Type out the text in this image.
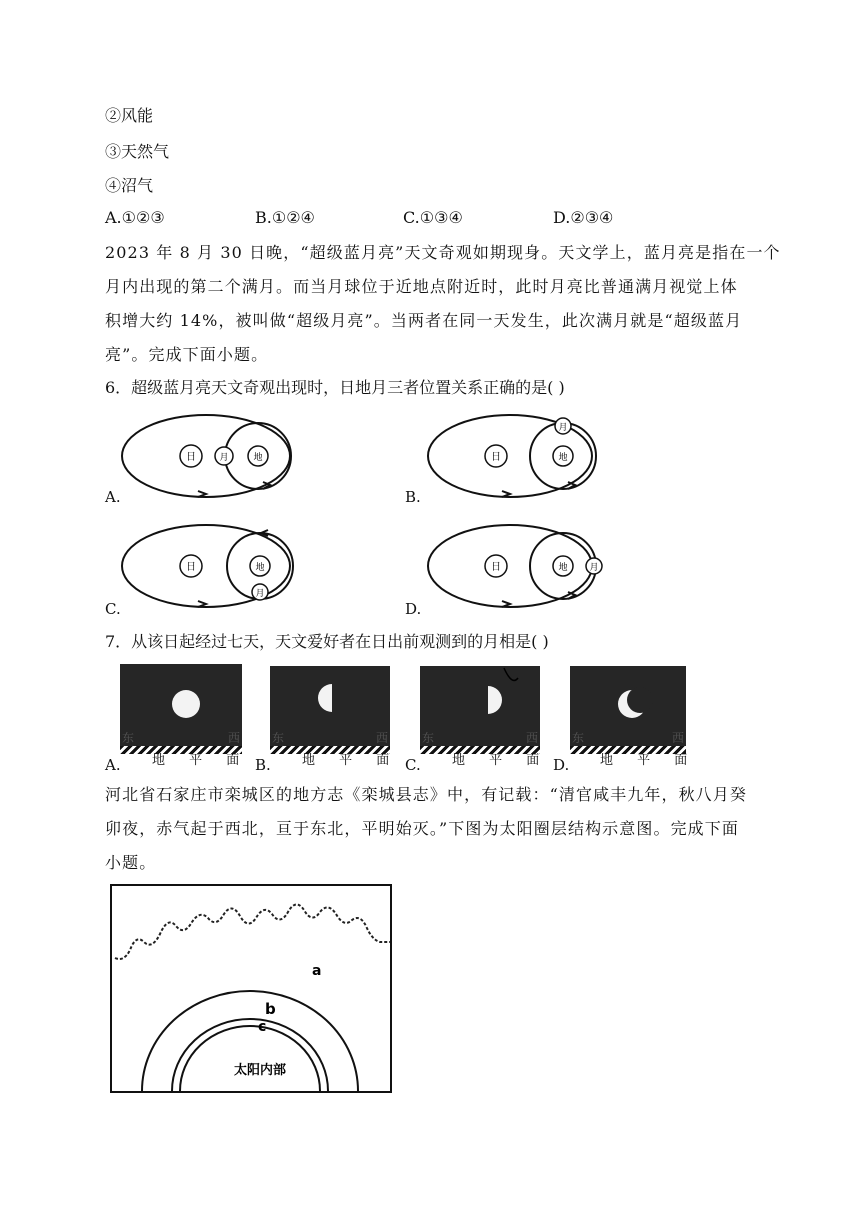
②风能
③天然气
④沼气
A.①②③	B.①②④	C.①③④	D.②③④
2023 年 8 月 30 日晚，“超级蓝月亮”天文奇观如期现身。天文学上，蓝月亮是指在一个
月内出现的第二个满月。而当月球位于近地点附近时，此时月亮比普通满月视觉上体
积增大约 14%，被叫做“超级月亮”。当两者在同一天发生，此次满月就是“超级蓝月
亮”。完成下面小题。
6．超级蓝月亮天文奇观出现时，日地月三者位置关系正确的是( )
日	月	地
A.
日	地
月
B.
日	地
月
C.
日	地 月
D.
7．从该日起经过七天，天文爱好者在日出前观测到的月相是( )
东	西
地 平 面
A.
东	西
地 平 面
B.
东	西
地 平 面
C.
东	西
地 平 面
D.
河北省石家庄市栾城区的地方志《栾城县志》中，有记载：“清官咸丰九年，秋八月癸
卯夜，赤气起于西北，亘于东北，平明始灭。”下图为太阳圈层结构示意图。完成下面
小题。
a
b
c
太阳内部
